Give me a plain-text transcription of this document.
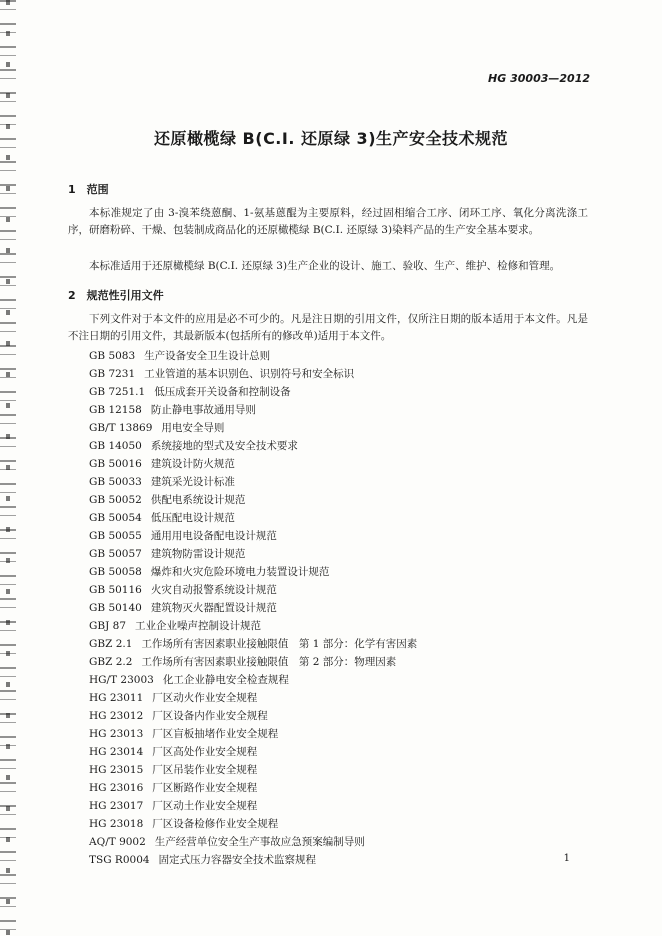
HG 30003—2012
还原橄榄绿 B(C.I. 还原绿 3)生产安全技术规范
1　范围

本标准规定了由 3-溴苯绕蒽酮、1-氨基蒽醌为主要原料，经过固相缩合工序、闭环工序、氧化分离洗涤工序，研磨粉碎、干燥、包装制成商品化的还原橄榄绿 B(C.I. 还原绿 3)染料产品的生产安全基本要求。

本标准适用于还原橄榄绿 B(C.I. 还原绿 3)生产企业的设计、施工、验收、生产、维护、检修和管理。

2　规范性引用文件

下列文件对于本文件的应用是必不可少的。凡是注日期的引用文件，仅所注日期的版本适用于本文件。凡是不注日期的引用文件，其最新版本(包括所有的修改单)适用于本文件。

GB 5083 生产设备安全卫生设计总则
GB 7231 工业管道的基本识别色、识别符号和安全标识
GB 7251.1 低压成套开关设备和控制设备
GB 12158 防止静电事故通用导则
GB/T 13869 用电安全导则
GB 14050 系统接地的型式及安全技术要求
GB 50016 建筑设计防火规范
GB 50033 建筑采光设计标准
GB 50052 供配电系统设计规范
GB 50054 低压配电设计规范
GB 50055 通用用电设备配电设计规范
GB 50057 建筑物防雷设计规范
GB 50058 爆炸和火灾危险环境电力装置设计规范
GB 50116 火灾自动报警系统设计规范
GB 50140 建筑物灭火器配置设计规范
GBJ 87 工业企业噪声控制设计规范
GBZ 2.1 工作场所有害因素职业接触限值　第 1 部分：化学有害因素
GBZ 2.2 工作场所有害因素职业接触限值　第 2 部分：物理因素
HG/T 23003 化工企业静电安全检查规程
HG 23011 厂区动火作业安全规程
HG 23012 厂区设备内作业安全规程
HG 23013 厂区盲板抽堵作业安全规程
HG 23014 厂区高处作业安全规程
HG 23015 厂区吊装作业安全规程
HG 23016 厂区断路作业安全规程
HG 23017 厂区动土作业安全规程
HG 23018 厂区设备检修作业安全规程
AQ/T 9002 生产经营单位安全生产事故应急预案编制导则
TSG R0004 固定式压力容器安全技术监察规程	1
